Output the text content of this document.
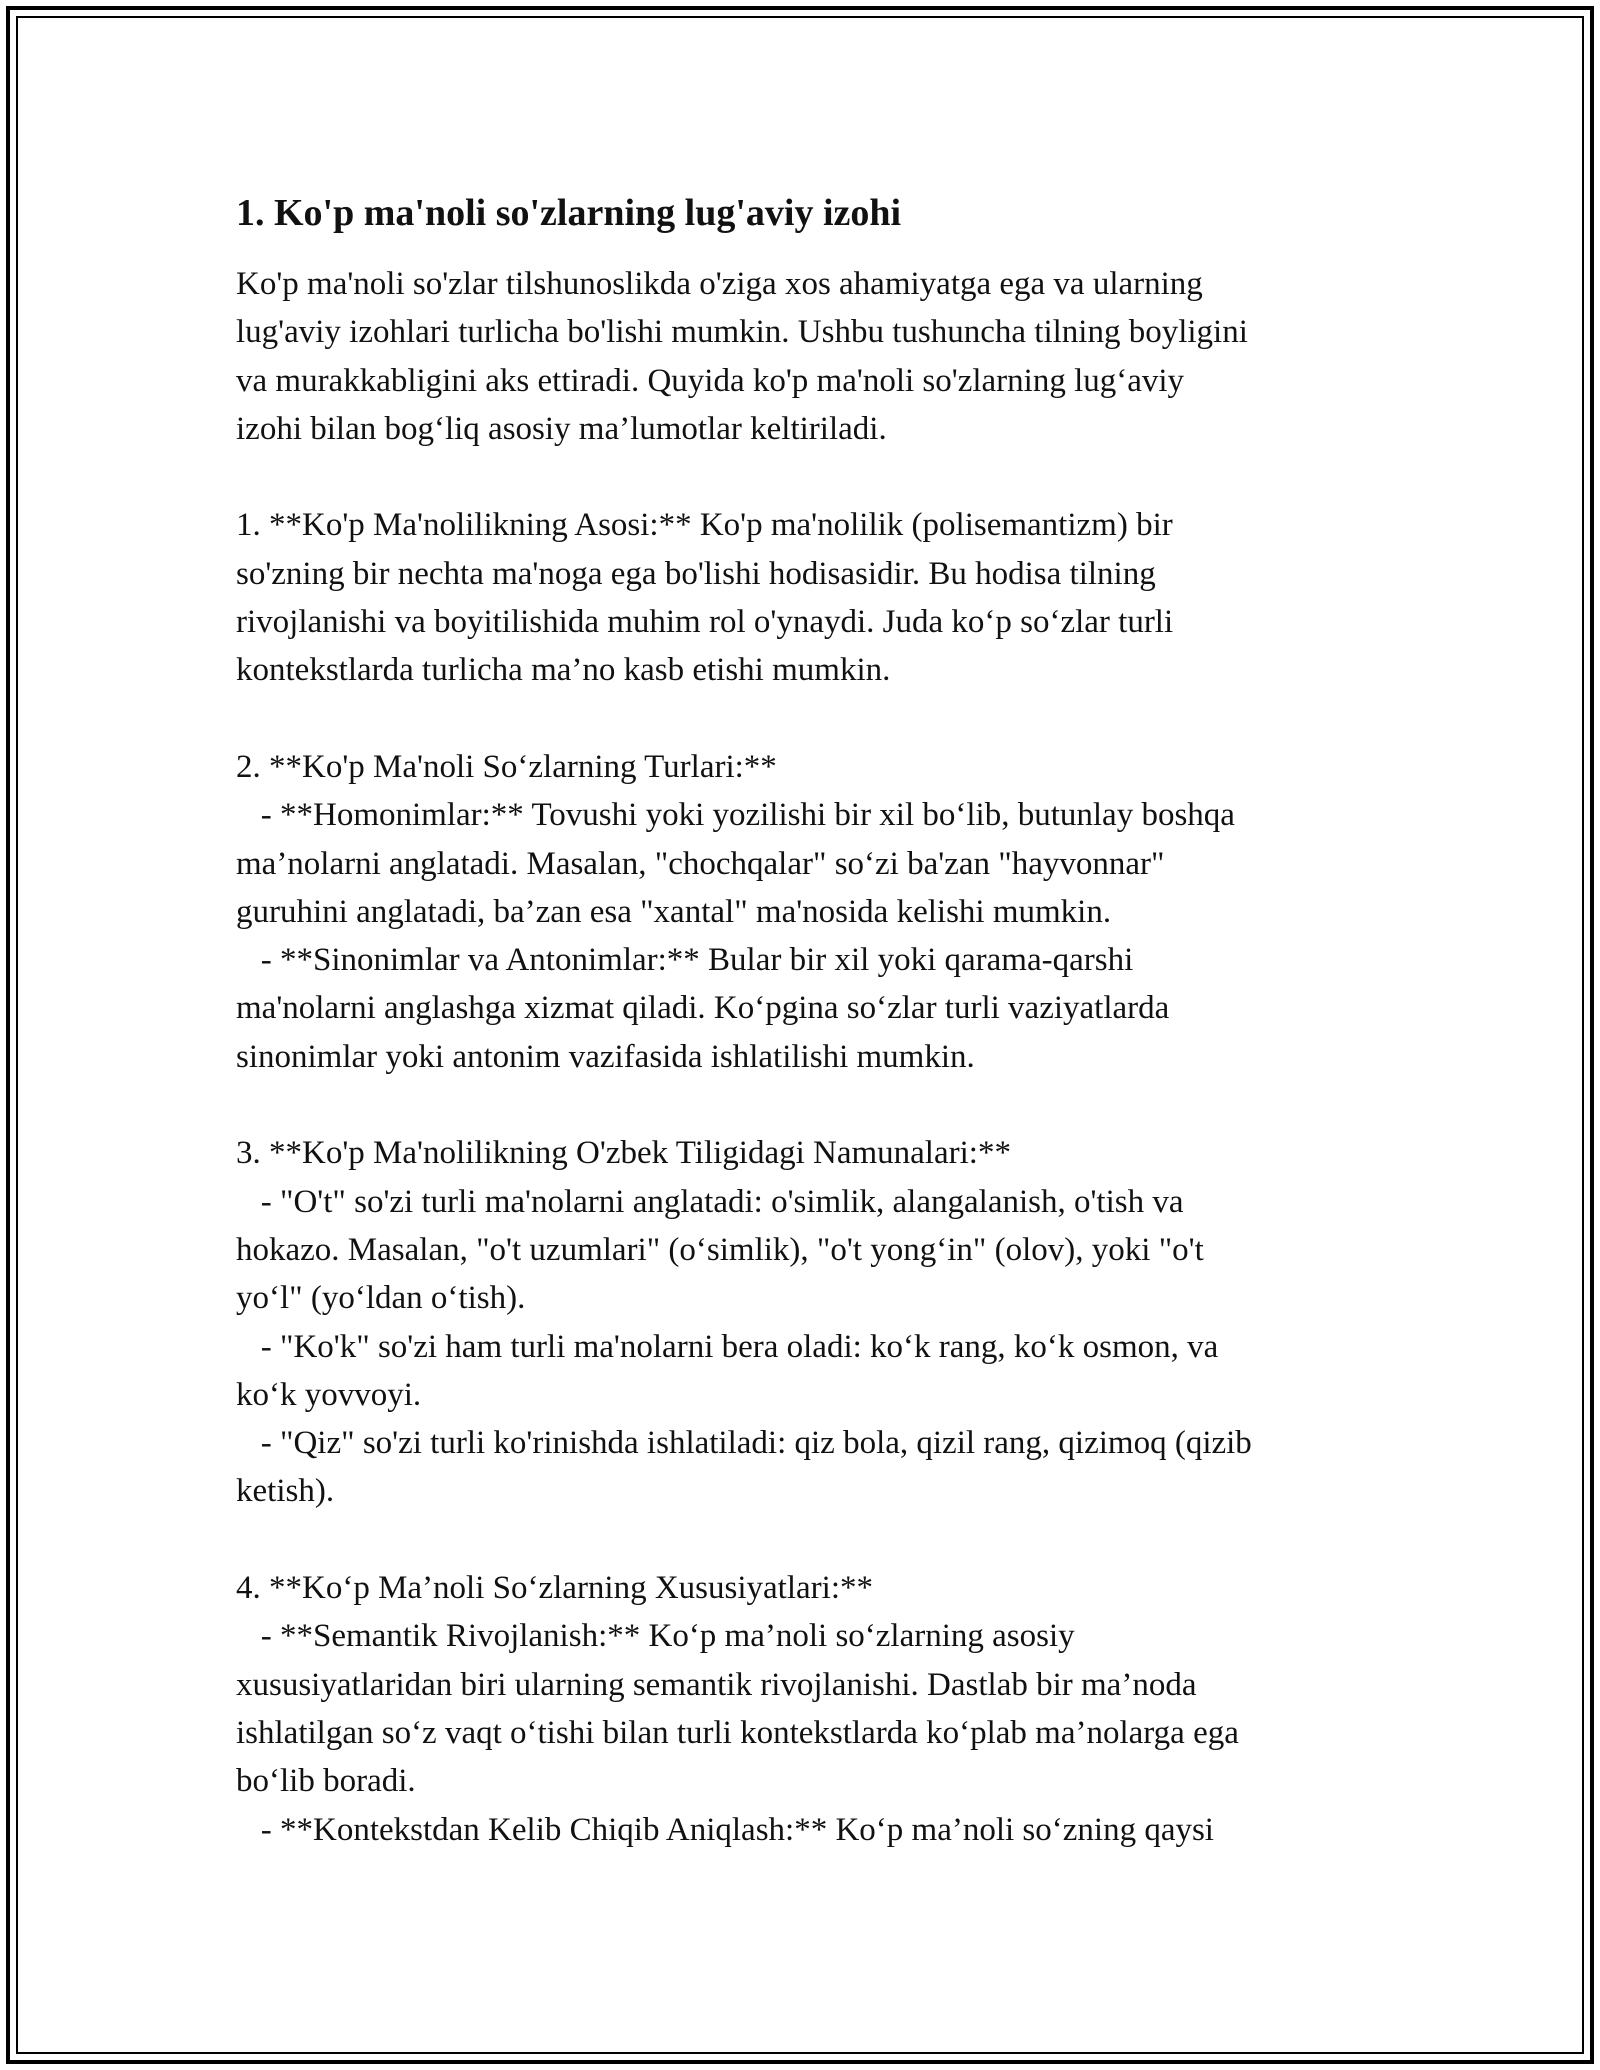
1. Ko'p ma'noli so'zlarning lug'aviy izohi
Ko'p ma'noli so'zlar tilshunoslikda o'ziga xos ahamiyatga ega va ularning
lug'aviy izohlari turlicha bo'lishi mumkin. Ushbu tushuncha tilning boyligini
va murakkabligini aks ettiradi. Quyida ko'p ma'noli so'zlarning lug‘aviy
izohi bilan bog‘liq asosiy ma’lumotlar keltiriladi.
1. **Ko'p Ma'nolilikning Asosi:** Ko'p ma'nolilik (polisemantizm) bir
so'zning bir nechta ma'noga ega bo'lishi hodisasidir. Bu hodisa tilning
rivojlanishi va boyitilishida muhim rol o'ynaydi. Juda ko‘p so‘zlar turli
kontekstlarda turlicha ma’no kasb etishi mumkin.
2. **Ko'p Ma'noli So‘zlarning Turlari:**
- **Homonimlar:** Tovushi yoki yozilishi bir xil bo‘lib, butunlay boshqa
ma’nolarni anglatadi. Masalan, "chochqalar" so‘zi ba'zan "hayvonnar"
guruhini anglatadi, ba’zan esa "xantal" ma'nosida kelishi mumkin.
- **Sinonimlar va Antonimlar:** Bular bir xil yoki qarama-qarshi
ma'nolarni anglashga xizmat qiladi. Ko‘pgina so‘zlar turli vaziyatlarda
sinonimlar yoki antonim vazifasida ishlatilishi mumkin.
3. **Ko'p Ma'nolilikning O'zbek Tiligidagi Namunalari:**
- "O't" so'zi turli ma'nolarni anglatadi: o'simlik, alangalanish, o'tish va
hokazo. Masalan, "o't uzumlari" (o‘simlik), "o't yong‘in" (olov), yoki "o't
yo‘l" (yo‘ldan o‘tish).
- "Ko'k" so'zi ham turli ma'nolarni bera oladi: ko‘k rang, ko‘k osmon, va
ko‘k yovvoyi.
- "Qiz" so'zi turli ko'rinishda ishlatiladi: qiz bola, qizil rang, qizimoq (qizib
ketish).
4. **Ko‘p Ma’noli So‘zlarning Xususiyatlari:**
- **Semantik Rivojlanish:** Ko‘p ma’noli so‘zlarning asosiy
xususiyatlaridan biri ularning semantik rivojlanishi. Dastlab bir ma’noda
ishlatilgan so‘z vaqt o‘tishi bilan turli kontekstlarda ko‘plab ma’nolarga ega
bo‘lib boradi.
- **Kontekstdan Kelib Chiqib Aniqlash:** Ko‘p ma’noli so‘zning qaysi
